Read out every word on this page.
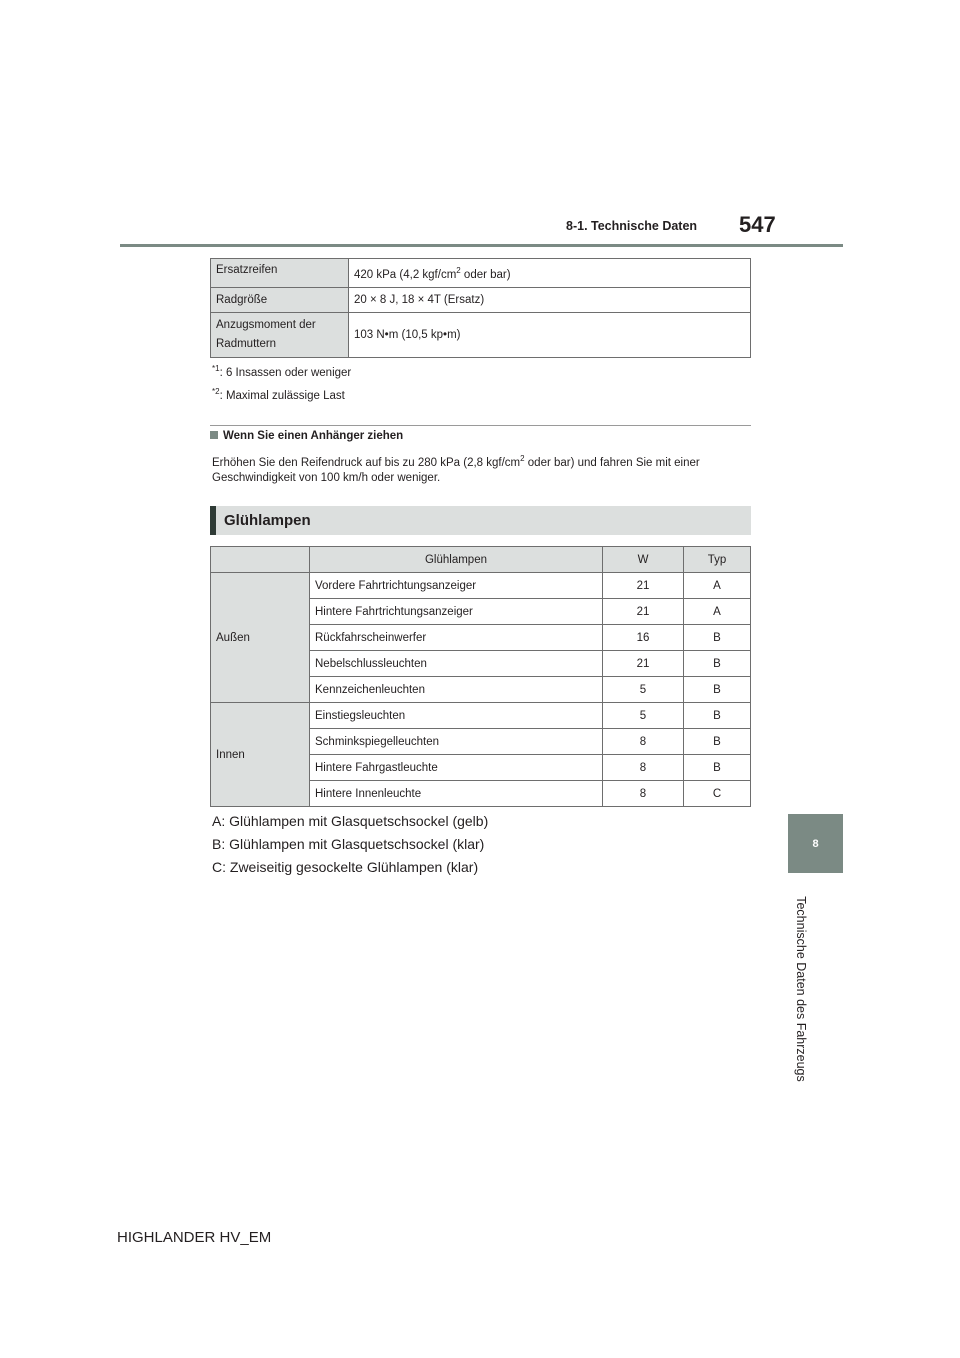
8-1. Technische Daten 547
8
Technische Daten des Fahrzeugs
Ersatzreifen	420 kPa (4,2 kgf/$cm^2$ oder bar)
Radgröße	20 × 8 J, 18 × 4T (Ersatz)

Anzugsmoment der
Radmuttern	103 N•m (10,5 kp•m)
$^{*1}$: 6 Insassen oder weniger
$^{*2}$: Maximal zulässige Last
Wenn Sie einen Anhänger ziehen
Erhöhen Sie den Reifendruck auf bis zu 280 kPa (2,8 kgf/$cm^2$ oder bar) und fahren Sie mit einer Geschwindigkeit von 100 km/h oder weniger.
Glühlampen
	Glühlampen	W	Typ
Außen	Vordere Fahrtrichtungsanzeiger	21	A
	Hintere Fahrtrichtungsanzeiger	21	A
	Rückfahrscheinwerfer	16	B
	Nebelschlussleuchten	21	B
	Kennzeichenleuchten	5	B
Innen	Einstiegsleuchten	5	B
	Schminkspiegelleuchten	8	B
	Hintere Fahrgastleuchte	8	B
	Hintere Innenleuchte	8	C
A: Glühlampen mit Glasquetschsockel (gelb)
B: Glühlampen mit Glasquetschsockel (klar)
C: Zweiseitig gesockelte Glühlampen (klar)
HIGHLANDER HV_EM
